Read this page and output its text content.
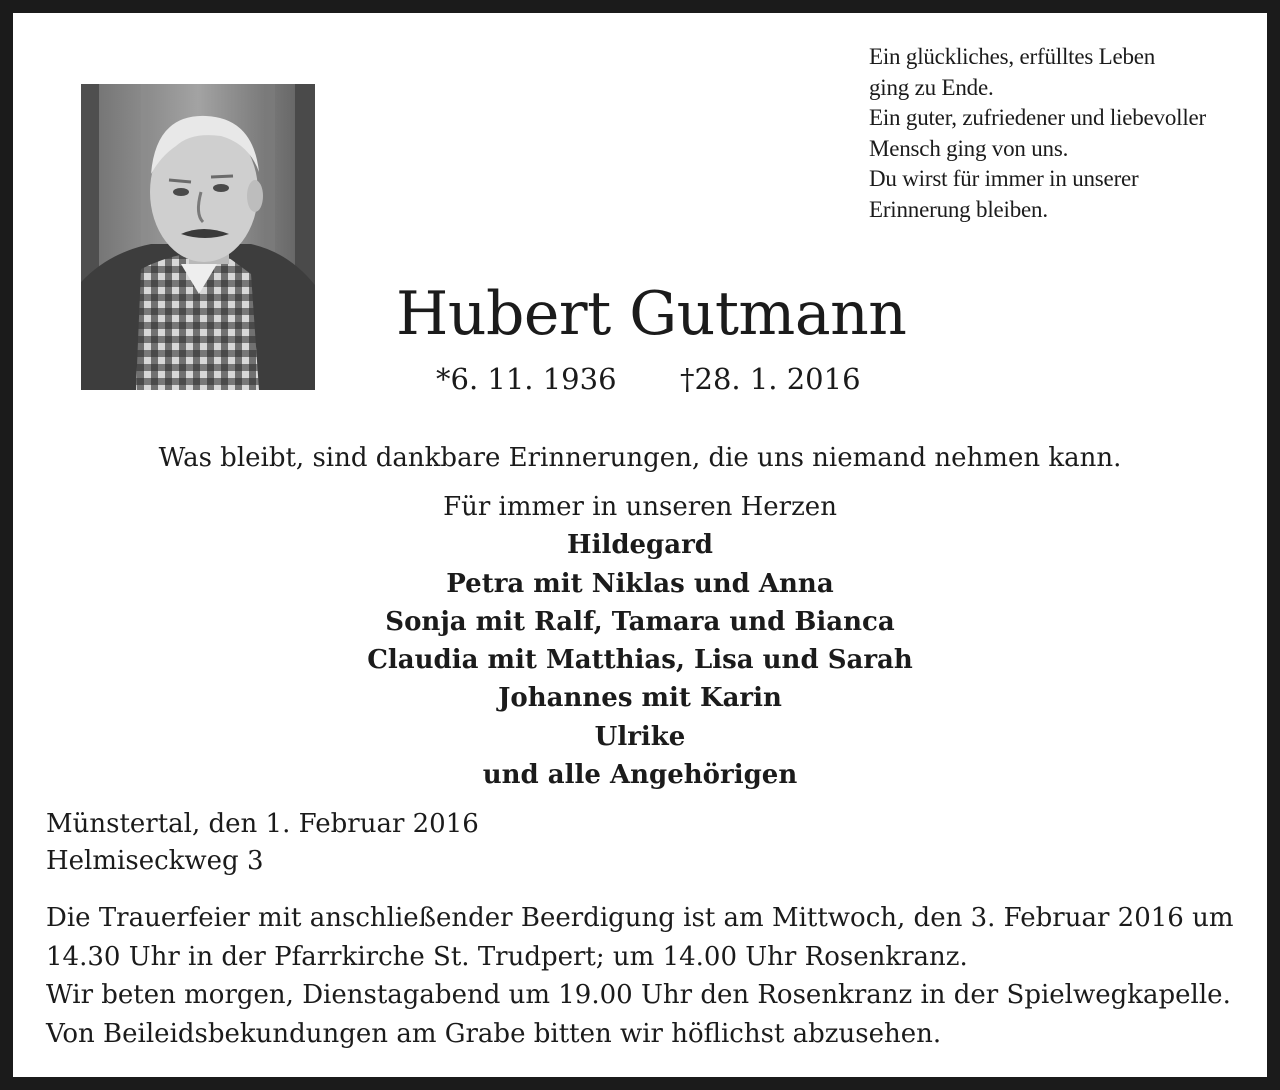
Ein glückliches, erfülltes Leben
ging zu Ende.
Ein guter, zufriedener und liebevoller
Mensch ging von uns.
Du wirst für immer in unserer
Erinnerung bleiben.
Hubert Gutmann
*6. 11. 1936 †28. 1. 2016
Was bleibt, sind dankbare Erinnerungen, die uns niemand nehmen kann.
Für immer in unseren Herzen
Hildegard
Petra mit Niklas und Anna
Sonja mit Ralf, Tamara und Bianca
Claudia mit Matthias, Lisa und Sarah
Johannes mit Karin
Ulrike
und alle Angehörigen
Münstertal, den 1. Februar 2016
Helmiseckweg 3
Die Trauerfeier mit anschließender Beerdigung ist am Mittwoch, den 3. Februar 2016 um
14.30 Uhr in der Pfarrkirche St. Trudpert; um 14.00 Uhr Rosenkranz.
Wir beten morgen, Dienstagabend um 19.00 Uhr den Rosenkranz in der Spielwegkapelle.
Von Beileidsbekundungen am Grabe bitten wir höflichst abzusehen.
